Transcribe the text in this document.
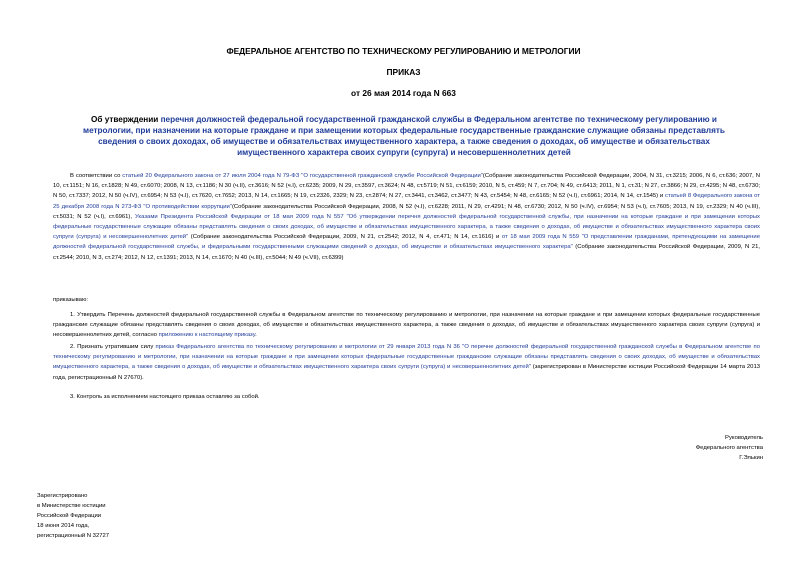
ФЕДЕРАЛЬНОЕ АГЕНТСТВО ПО ТЕХНИЧЕСКОМУ РЕГУЛИРОВАНИЮ И МЕТРОЛОГИИ
ПРИКАЗ
от 26 мая 2014 года N 663
Об утверждении перечня должностей федеральной государственной гражданской службы в Федеральном агентстве по техническому регулированию и метрологии, при назначении на которые граждане и при замещении которых федеральные государственные гражданские служащие обязаны представлять сведения о своих доходах, об имуществе и обязательствах имущественного характера, а также сведения о доходах, об имуществе и обязательствах имущественного характера своих супруги (супруга) и несовершеннолетних детей
В соответствии со статьей 20 Федерального закона от 27 июля 2004 года N 79-ФЗ "О государственной гражданской службе Российской Федерации"(Собрание законодательства Российской Федерации, 2004, N 31, ст.3215; 2006, N 6, ст.636; 2007, N 10, ст.1151; N 16, ст.1828; N 49, ст.6070; 2008, N 13, ст.1186; N 30 (ч.II), ст.3616; N 52 (ч.I), ст.6235; 2009, N 29, ст.3597, ст.3624; N 48, ст.5719; N 51, ст.6159; 2010, N 5, ст.459; N 7, ст.704; N 49, ст.6413; 2011, N 1, ст.31; N 27, ст.3866; N 29, ст.4295; N 48, ст.6730; N 50, ст.7337; 2012, N 50 (ч.IV), ст.6954; N 53 (ч.I), ст.7620, ст.7652; 2013, N 14, ст.1665; N 19, ст.2326, 2329; N 23, ст.2874; N 27, ст.3441, ст.3462, ст.3477; N 43, ст.5454; N 48, ст.6165; N 52 (ч.I), ст.6961; 2014, N 14, ст.1545) и статьей 8 Федерального закона от 25 декабря 2008 года N 273-ФЗ "О противодействии коррупции"(Собрание законодательства Российской Федерации, 2008, N 52 (ч.I), ст.6228; 2011, N 29, ст.4291; N 48, ст.6730; 2012, N 50 (ч.IV), ст.6954; N 53 (ч.I), ст.7605; 2013, N 19, ст.2329; N 40 (ч.III), ст.5031; N 52 (ч.I), ст.6961), Указами Президента Российской Федерации от 18 мая 2009 года N 557 "Об утверждении перечня должностей федеральной государственной службы, при назначении на которые граждане и при замещении которых федеральные государственные служащие обязаны представлять сведения о своих доходах, об имуществе и обязательствах имущественного характера, а также сведения о доходах, об имуществе и обязательствах имущественного характера своих супруги (супруга) и несовершеннолетних детей" (Собрание законодательства Российской Федерации, 2009, N 21, ст.2542; 2012, N 4, ст.471; N 14, ст.1616) и от 18 мая 2009 года N 559 "О представлении гражданами, претендующими на замещение должностей федеральной государственной службы, и федеральными государственными служащими сведений о доходах, об имуществе и обязательствах имущественного характера" (Собрание законодательства Российской Федерации, 2009, N 21, ст.2544; 2010, N 3, ст.274; 2012, N 12, ст.1391; 2013, N 14, ст.1670; N 40 (ч.III), ст.5044; N 49 (ч.VII), ст.6399)
приказываю:
1. Утвердить Перечень должностей федеральной государственной службы в Федеральном агентстве по техническому регулированию и метрологии, при назначении на которые граждане и при замещении которых федеральные государственные гражданские служащие обязаны представлять сведения о своих доходах, об имуществе и обязательствах имущественного характера, а также сведения о доходах, об имуществе и обязательствах имущественного характера своих супруги (супруга) и несовершеннолетних детей, согласно приложению к настоящему приказу.
2. Признать утратившим силу приказ Федерального агентства по техническому регулированию и метрологии от 29 января 2013 года N 36 "О перечне должностей федеральной государственной гражданской службы в Федеральном агентстве по техническому регулированию и метрологии, при назначении на которые граждане и при замещении которых федеральные государственные гражданские служащие обязаны представлять сведения о своих доходах, об имуществе и обязательствах имущественного характера, а также сведения о доходах, об имуществе и обязательствах имущественного характера своих супруги (супруга) и несовершеннолетних детей" (зарегистрирован в Министерстве юстиции Российской Федерации 14 марта 2013 года, регистрационный N 27670).
3. Контроль за исполнением настоящего приказа оставляю за собой.
Руководитель
Федерального агентства
Г.Элькин
Зарегистрировано
в Министерстве юстиции
Российской Федерации
18 июня 2014 года,
регистрационный N 32727
